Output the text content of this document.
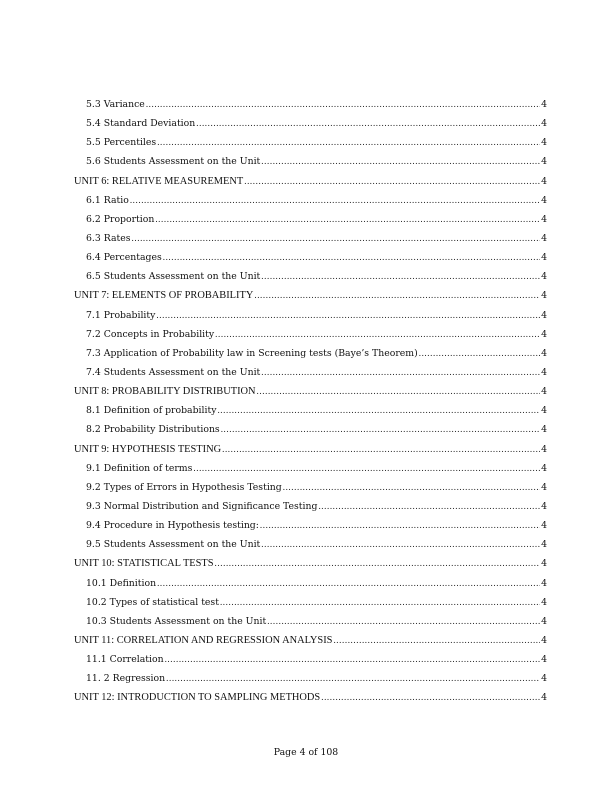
5.3 Variance .....	4
5.4 Standard Deviation .....	4
5.5 Percentiles .....	4
5.6 Students Assessment on the Unit .....	4
UNIT 6: RELATIVE MEASUREMENT .....	4
6.1 Ratio .....	4
6.2 Proportion .....	4
6.3 Rates .....	4
6.4 Percentages .....	4
6.5 Students Assessment on the Unit .....	4
UNIT 7: ELEMENTS OF PROBABILITY .....	4
7.1 Probability .....	4
7.2 Concepts in Probability .....	4
7.3 Application of Probability law in Screening tests (Baye’s Theorem) .....	4
7.4 Students Assessment on the Unit .....	4
UNIT 8: PROBABILITY DISTRIBUTION .....	4
8.1 Definition of probability .....	4
8.2 Probability Distributions .....	4
UNIT 9: HYPOTHESIS TESTING .....	4
9.1 Definition of terms .....	4
9.2 Types of Errors in Hypothesis Testing .....	4
9.3 Normal Distribution and Significance Testing .....	4
9.4 Procedure in Hypothesis testing: .....	4
9.5 Students Assessment on the Unit .....	4
UNIT 10: STATISTICAL TESTS .....	4
10.1 Definition .....	4
10.2 Types of statistical test .....	4
10.3 Students Assessment on the Unit .....	4
UNIT 11: CORRELATION AND REGRESSION ANALYSIS .....	4
11.1 Correlation .....	4
11. 2 Regression .....	4
UNIT 12: INTRODUCTION TO SAMPLING METHODS .....	4
Page 4 of 108
